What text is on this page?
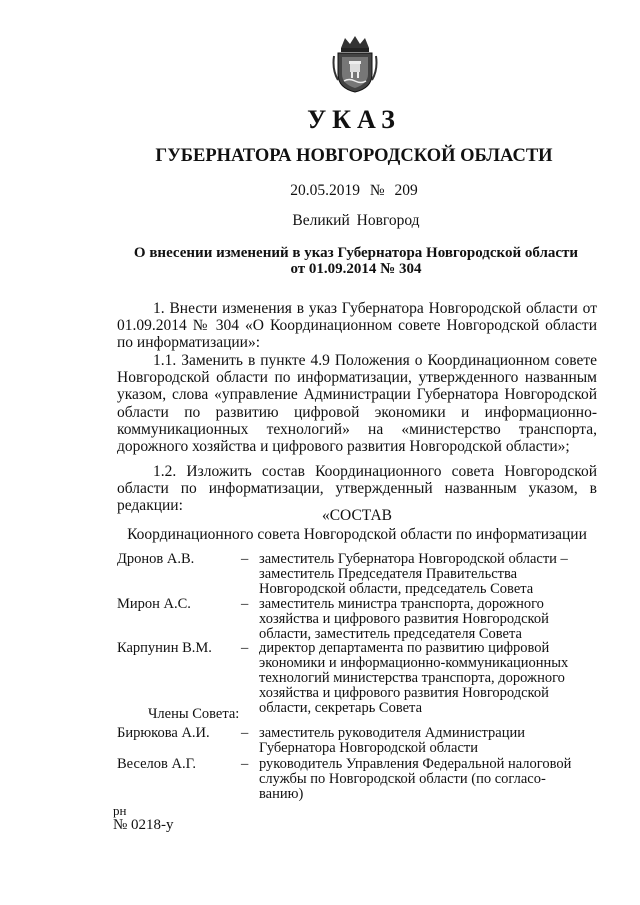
УКАЗ
ГУБЕРНАТОРА НОВГОРОДСКОЙ ОБЛАСТИ
20.05.2019 № 209
Великий Новгород
О внесении изменений в указ Губернатора Новгородской области
от 01.09.2014 № 304
1. Внести изменения в указ Губернатора Новгородской области от 01.09.2014 № 304 «О Координационном совете Новгородской области по информатизации»:
1.1. Заменить в пункте 4.9 Положения о Координационном совете Новгородской области по информатизации, утвержденного названным указом, слова «управление Администрации Губернатора Новгородской области по развитию цифровой экономики и информационно-коммуникационных технологий» на «министерство транспорта, дорожного хозяйства и цифрового развития Новгородской области»;
1.2. Изложить состав Координационного совета Новгородской области по информатизации, утвержденный названным указом, в редакции:
«СОСТАВ
Координационного совета Новгородской области по информатизации
Дронов А.В.	– заместитель Губернатора Новгородской области –
заместитель Председателя Правительства
Новгородской области, председатель Совета
Мирон А.С.	– заместитель министра транспорта, дорожного
хозяйства и цифрового развития Новгородской
области, заместитель председателя Совета
Карпунин В.М. – директор департамента по развитию цифровой
экономики и информационно-коммуникационных
технологий министерства транспорта, дорожного
хозяйства и цифрового развития Новгородской
области, секретарь Совета
Члены Совета:
Бирюкова А.И. – заместитель руководителя Администрации
Губернатора Новгородской области
Веселов А.Г.	– руководитель Управления Федеральной налоговой
службы по Новгородской области (по согласо-
ванию)
рн
№ 0218-у
